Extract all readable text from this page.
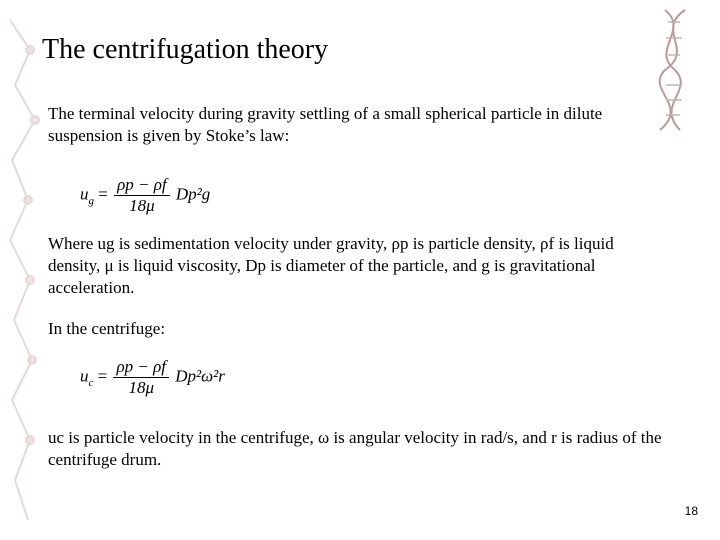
The centrifugation theory
The terminal velocity during gravity settling of a small spherical particle in dilute suspension is given by Stoke’s law:
$u_g = \frac{\rho p - \rho f}{18\mu} Dp^2g$
Where ug is sedimentation velocity under gravity, ρp is particle density, ρf is liquid density, μ is liquid viscosity, Dp is diameter of the particle, and g is gravitational acceleration.
In the centrifuge:
$u_c = \frac{\rho p - \rho f}{18\mu} Dp^2\omega^2r$
uc is particle velocity in the centrifuge, ω is angular velocity in rad/s, and r is radius of the centrifuge drum.
18
